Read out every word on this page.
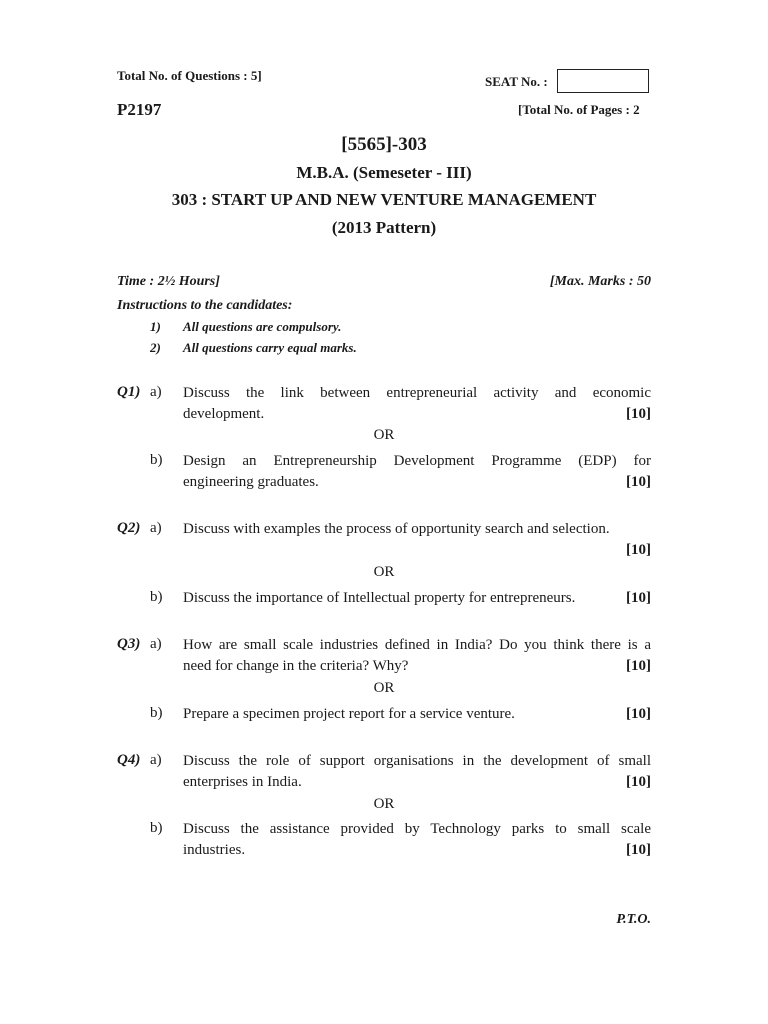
Total No. of Questions : 5]
P2197
SEAT No. :
[Total No. of Pages : 2
[5565]-303
M.B.A. (Semeseter - III)
303 : START UP AND NEW VENTURE MANAGEMENT
(2013 Pattern)
Time : 2½ Hours]	[Max. Marks : 50
Instructions to the candidates:
1) All questions are compulsory.
2) All questions carry equal marks.
Q1) a) Discuss the link between entrepreneurial activity and economic
development.	[10]
OR
b) Design an Entrepreneurship Development Programme (EDP) for
engineering graduates.	[10]
Q2) a) Discuss with examples the process of opportunity search and selection.
[10]
OR
b) Discuss the importance of Intellectual property for entrepreneurs.	[10]
Q3) a) How are small scale industries defined in India? Do you think there is a
need for change in the criteria? Why?	[10]
OR
b) Prepare a specimen project report for a service venture.	[10]
Q4) a) Discuss the role of support organisations in the development of small
enterprises in India.	[10]
OR
b) Discuss the assistance provided by Technology parks to small scale
industries.	[10]
P.T.O.
